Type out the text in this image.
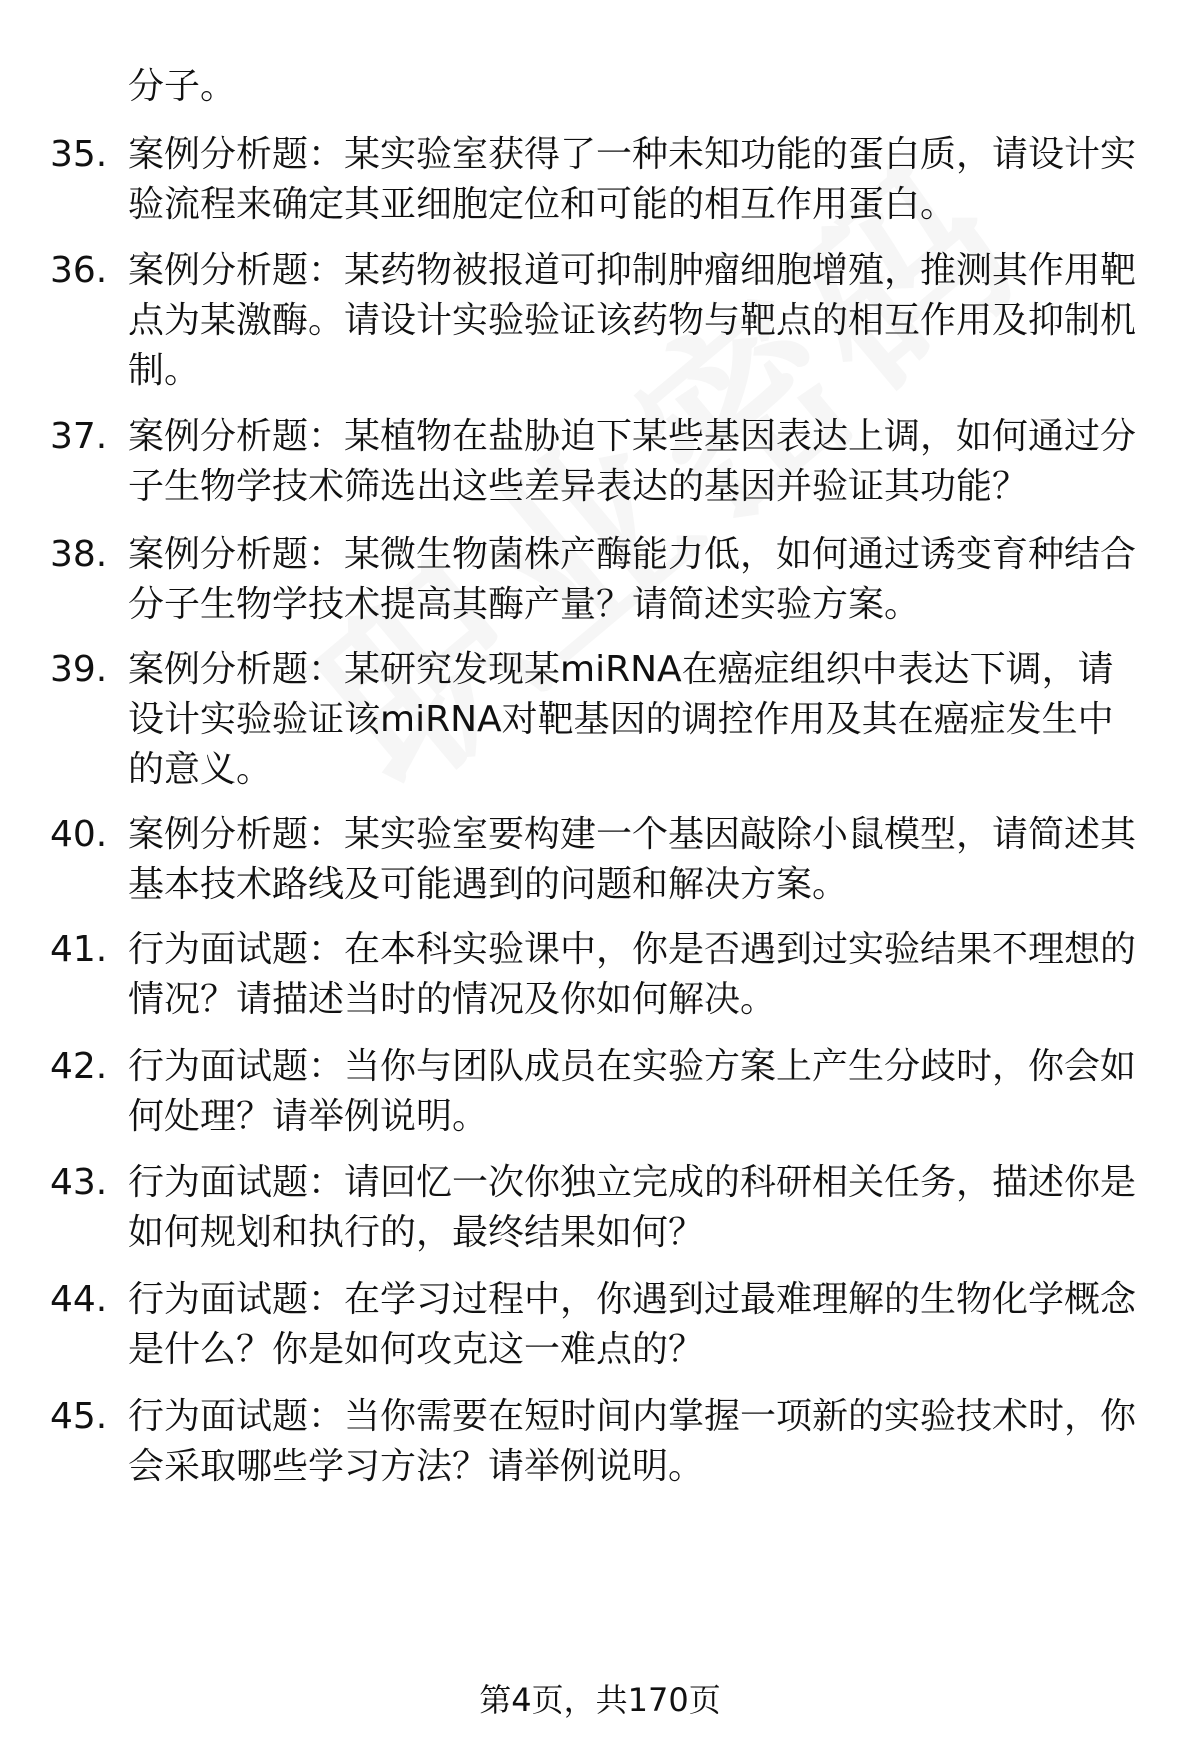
分子。
35. 案例分析题：某实验室获得了一种未知功能的蛋白质，请设计实验流程来确定其亚细胞定位和可能的相互作用蛋白。
36. 案例分析题：某药物被报道可抑制肿瘤细胞增殖，推测其作用靶点为某激酶。请设计实验验证该药物与靶点的相互作用及抑制机制。
37. 案例分析题：某植物在盐胁迫下某些基因表达上调，如何通过分子生物学技术筛选出这些差异表达的基因并验证其功能？
38. 案例分析题：某微生物菌株产酶能力低，如何通过诱变育种结合分子生物学技术提高其酶产量？请简述实验方案。
39. 案例分析题：某研究发现某miRNA在癌症组织中表达下调，请设计实验验证该miRNA对靶基因的调控作用及其在癌症发生中的意义。
40. 案例分析题：某实验室要构建一个基因敲除小鼠模型，请简述其基本技术路线及可能遇到的问题和解决方案。
41. 行为面试题：在本科实验课中，你是否遇到过实验结果不理想的情况？请描述当时的情况及你如何解决。
42. 行为面试题：当你与团队成员在实验方案上产生分歧时，你会如何处理？请举例说明。
43. 行为面试题：请回忆一次你独立完成的科研相关任务，描述你是如何规划和执行的，最终结果如何？
44. 行为面试题：在学习过程中，你遇到过最难理解的生物化学概念是什么？你是如何攻克这一难点的？
45. 行为面试题：当你需要在短时间内掌握一项新的实验技术时，你会采取哪些学习方法？请举例说明。
第4页，共170页
